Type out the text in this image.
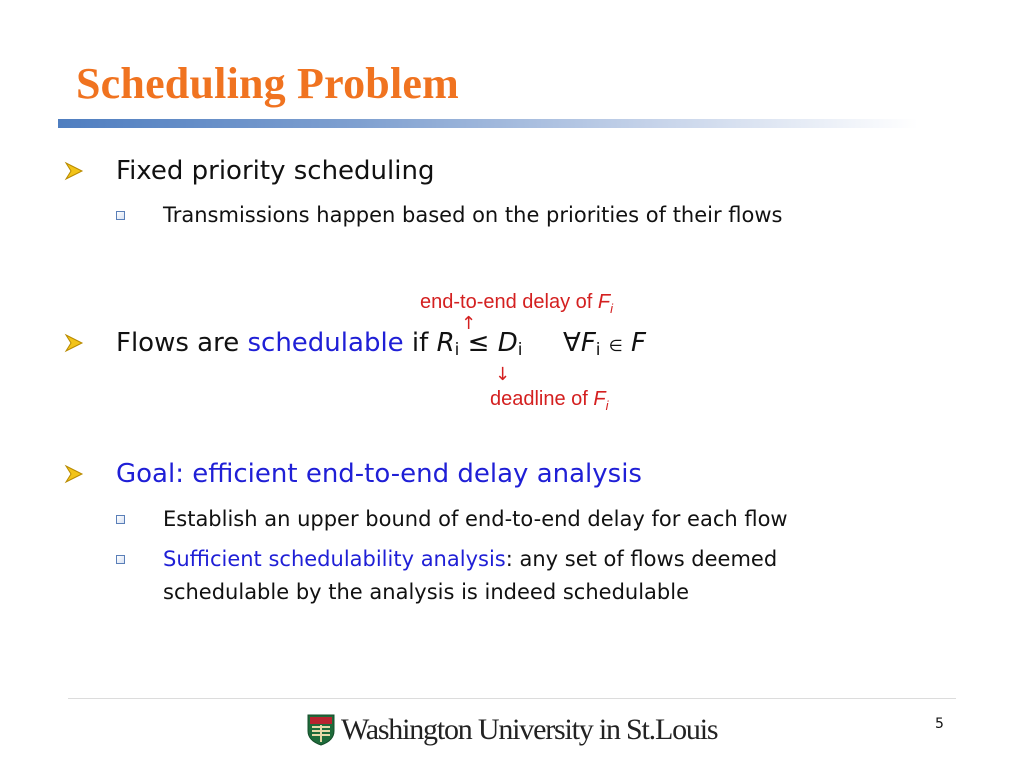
Scheduling Problem
Fixed priority scheduling
Transmissions happen based on the priorities of their flows
end-to-end delay of $F_i$
↑
Flows are schedulable if $R_i \le D_i$ $\forall F_i$ ∈ F
↓
deadline of $F_i$
Goal: efficient end-to-end delay analysis
Establish an upper bound of end-to-end delay for each flow
Sufficient schedulability analysis: any set of flows deemed
schedulable by the analysis is indeed schedulable
Washington University in St.Louis	5
